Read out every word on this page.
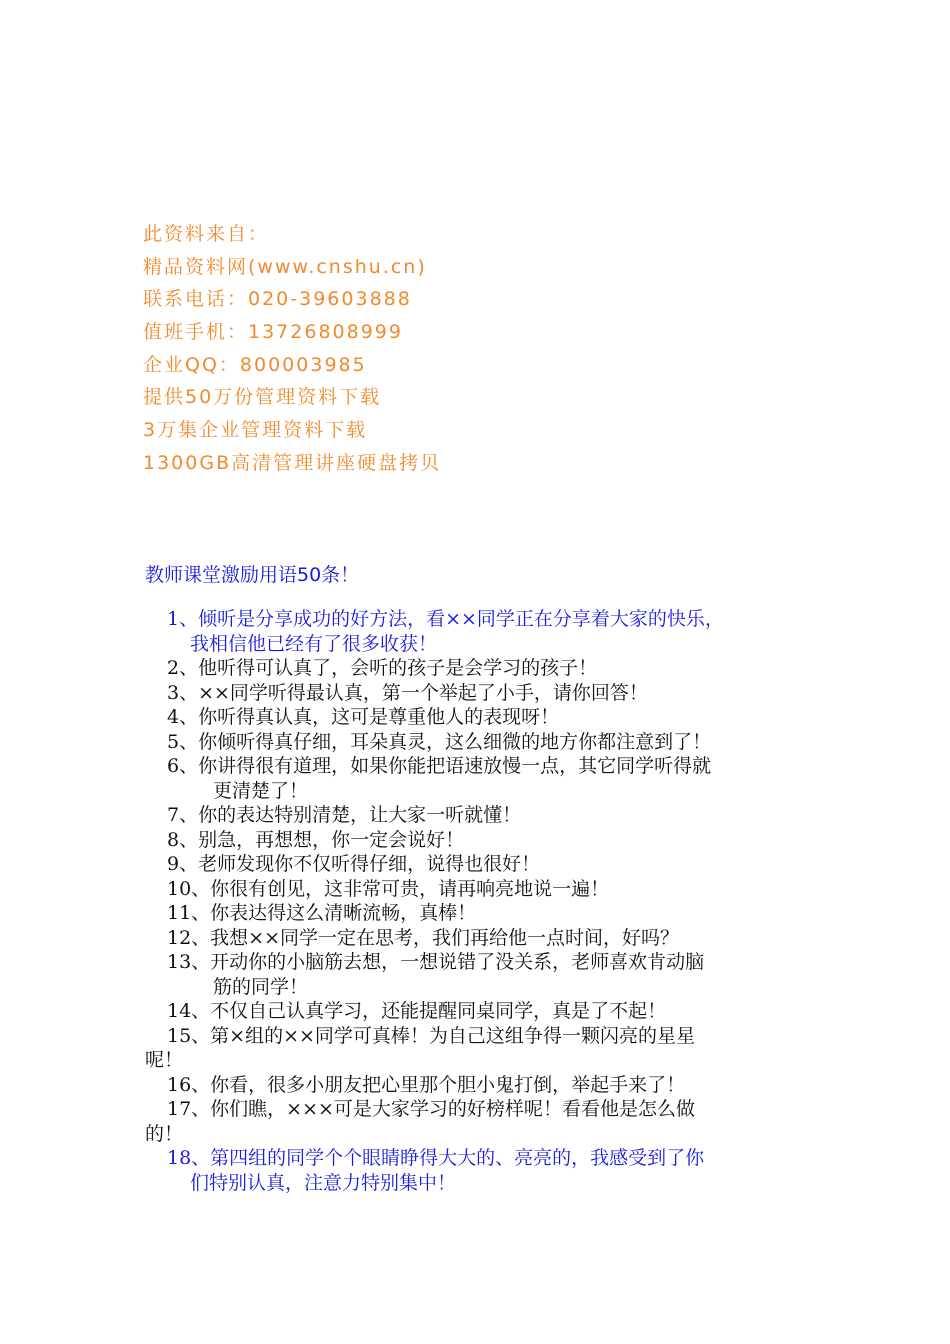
此资料来自：
精品资料网(www.cnshu.cn)
联系电话：020-39603888
值班手机：13726808999
企业QQ：800003985
提供50万份管理资料下载
3万集企业管理资料下载
1300GB高清管理讲座硬盘拷贝
教师课堂激励用语50条！
1、倾听是分享成功的好方法，看××同学正在分享着大家的快乐，
我相信他已经有了很多收获！
2、他听得可认真了，会听的孩子是会学习的孩子！
3、××同学听得最认真，第一个举起了小手，请你回答！
4、你听得真认真，这可是尊重他人的表现呀！
5、你倾听得真仔细，耳朵真灵，这么细微的地方你都注意到了！
6、你讲得很有道理，如果你能把语速放慢一点，其它同学听得就
更清楚了！
7、你的表达特别清楚，让大家一听就懂！
8、别急，再想想，你一定会说好！
9、老师发现你不仅听得仔细，说得也很好！
10、你很有创见，这非常可贵，请再响亮地说一遍！
11、你表达得这么清晰流畅，真棒！
12、我想××同学一定在思考，我们再给他一点时间，好吗？
13、开动你的小脑筋去想，一想说错了没关系，老师喜欢肯动脑
筋的同学！
14、不仅自己认真学习，还能提醒同桌同学，真是了不起！
15、第×组的××同学可真棒！为自己这组争得一颗闪亮的星星
呢！
16、你看，很多小朋友把心里那个胆小鬼打倒，举起手来了！
17、你们瞧，×××可是大家学习的好榜样呢！看看他是怎么做
的！
18、第四组的同学个个眼睛睁得大大的、亮亮的，我感受到了你
们特别认真，注意力特别集中！
